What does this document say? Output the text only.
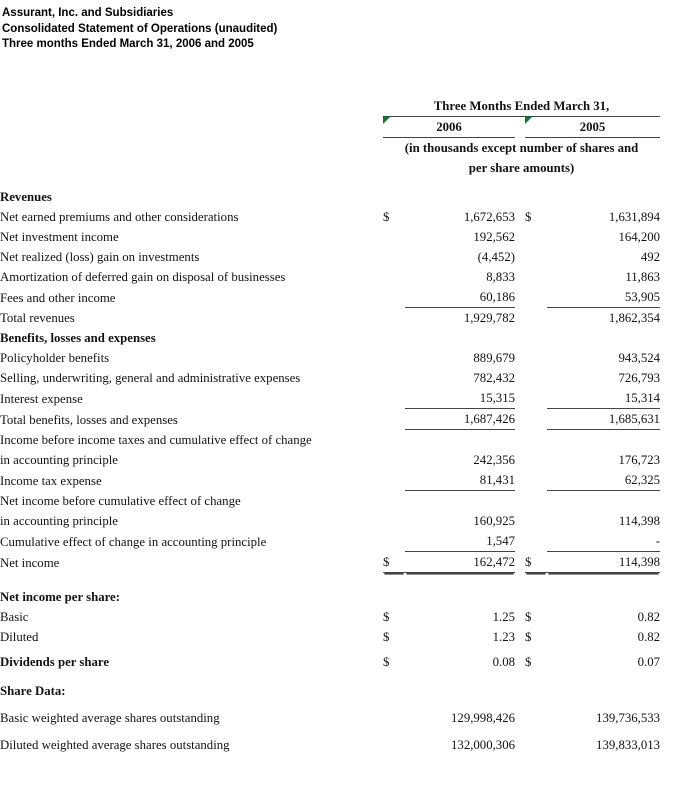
Assurant, Inc. and Subsidiaries
Consolidated Statement of Operations (unaudited)
Three months Ended March 31, 2006 and 2005
	Three Months Ended March 31,					

2006			2005		
	(in thousands except number of shares and					
	per share amounts)					

Revenues						
Net earned premiums and other considerations	$	1,672,653		$	1,631,894	
Net investment income		192,562			164,200	
Net realized (loss) gain on investments		(4,452)			492	
Amortization of deferred gain on disposal of businesses		8,833			11,863	
Fees and other income		60,186			53,905	
Total revenues		1,929,782			1,862,354	
Benefits, losses and expenses						
Policyholder benefits		889,679			943,524	
Selling, underwriting, general and administrative expenses		782,432			726,793	
Interest expense		15,315			15,314	
Total benefits, losses and expenses		1,687,426			1,685,631	
Income before income taxes and cumulative effect of change						
in accounting principle		242,356			176,723	
Income tax expense		81,431			62,325	
Net income before cumulative effect of change						
in accounting principle		160,925			114,398	
Cumulative effect of change in accounting principle		1,547			-	
Net income	$	162,472		$	114,398	

Net income per share:						
Basic	$	1.25		$	0.82	
Diluted	$	1.23		$	0.82	

Dividends per share	$	0.08		$	0.07	

Share Data:						
Basic weighted average shares outstanding		129,998,426			139,736,533	
Diluted weighted average shares outstanding		132,000,306			139,833,013	
